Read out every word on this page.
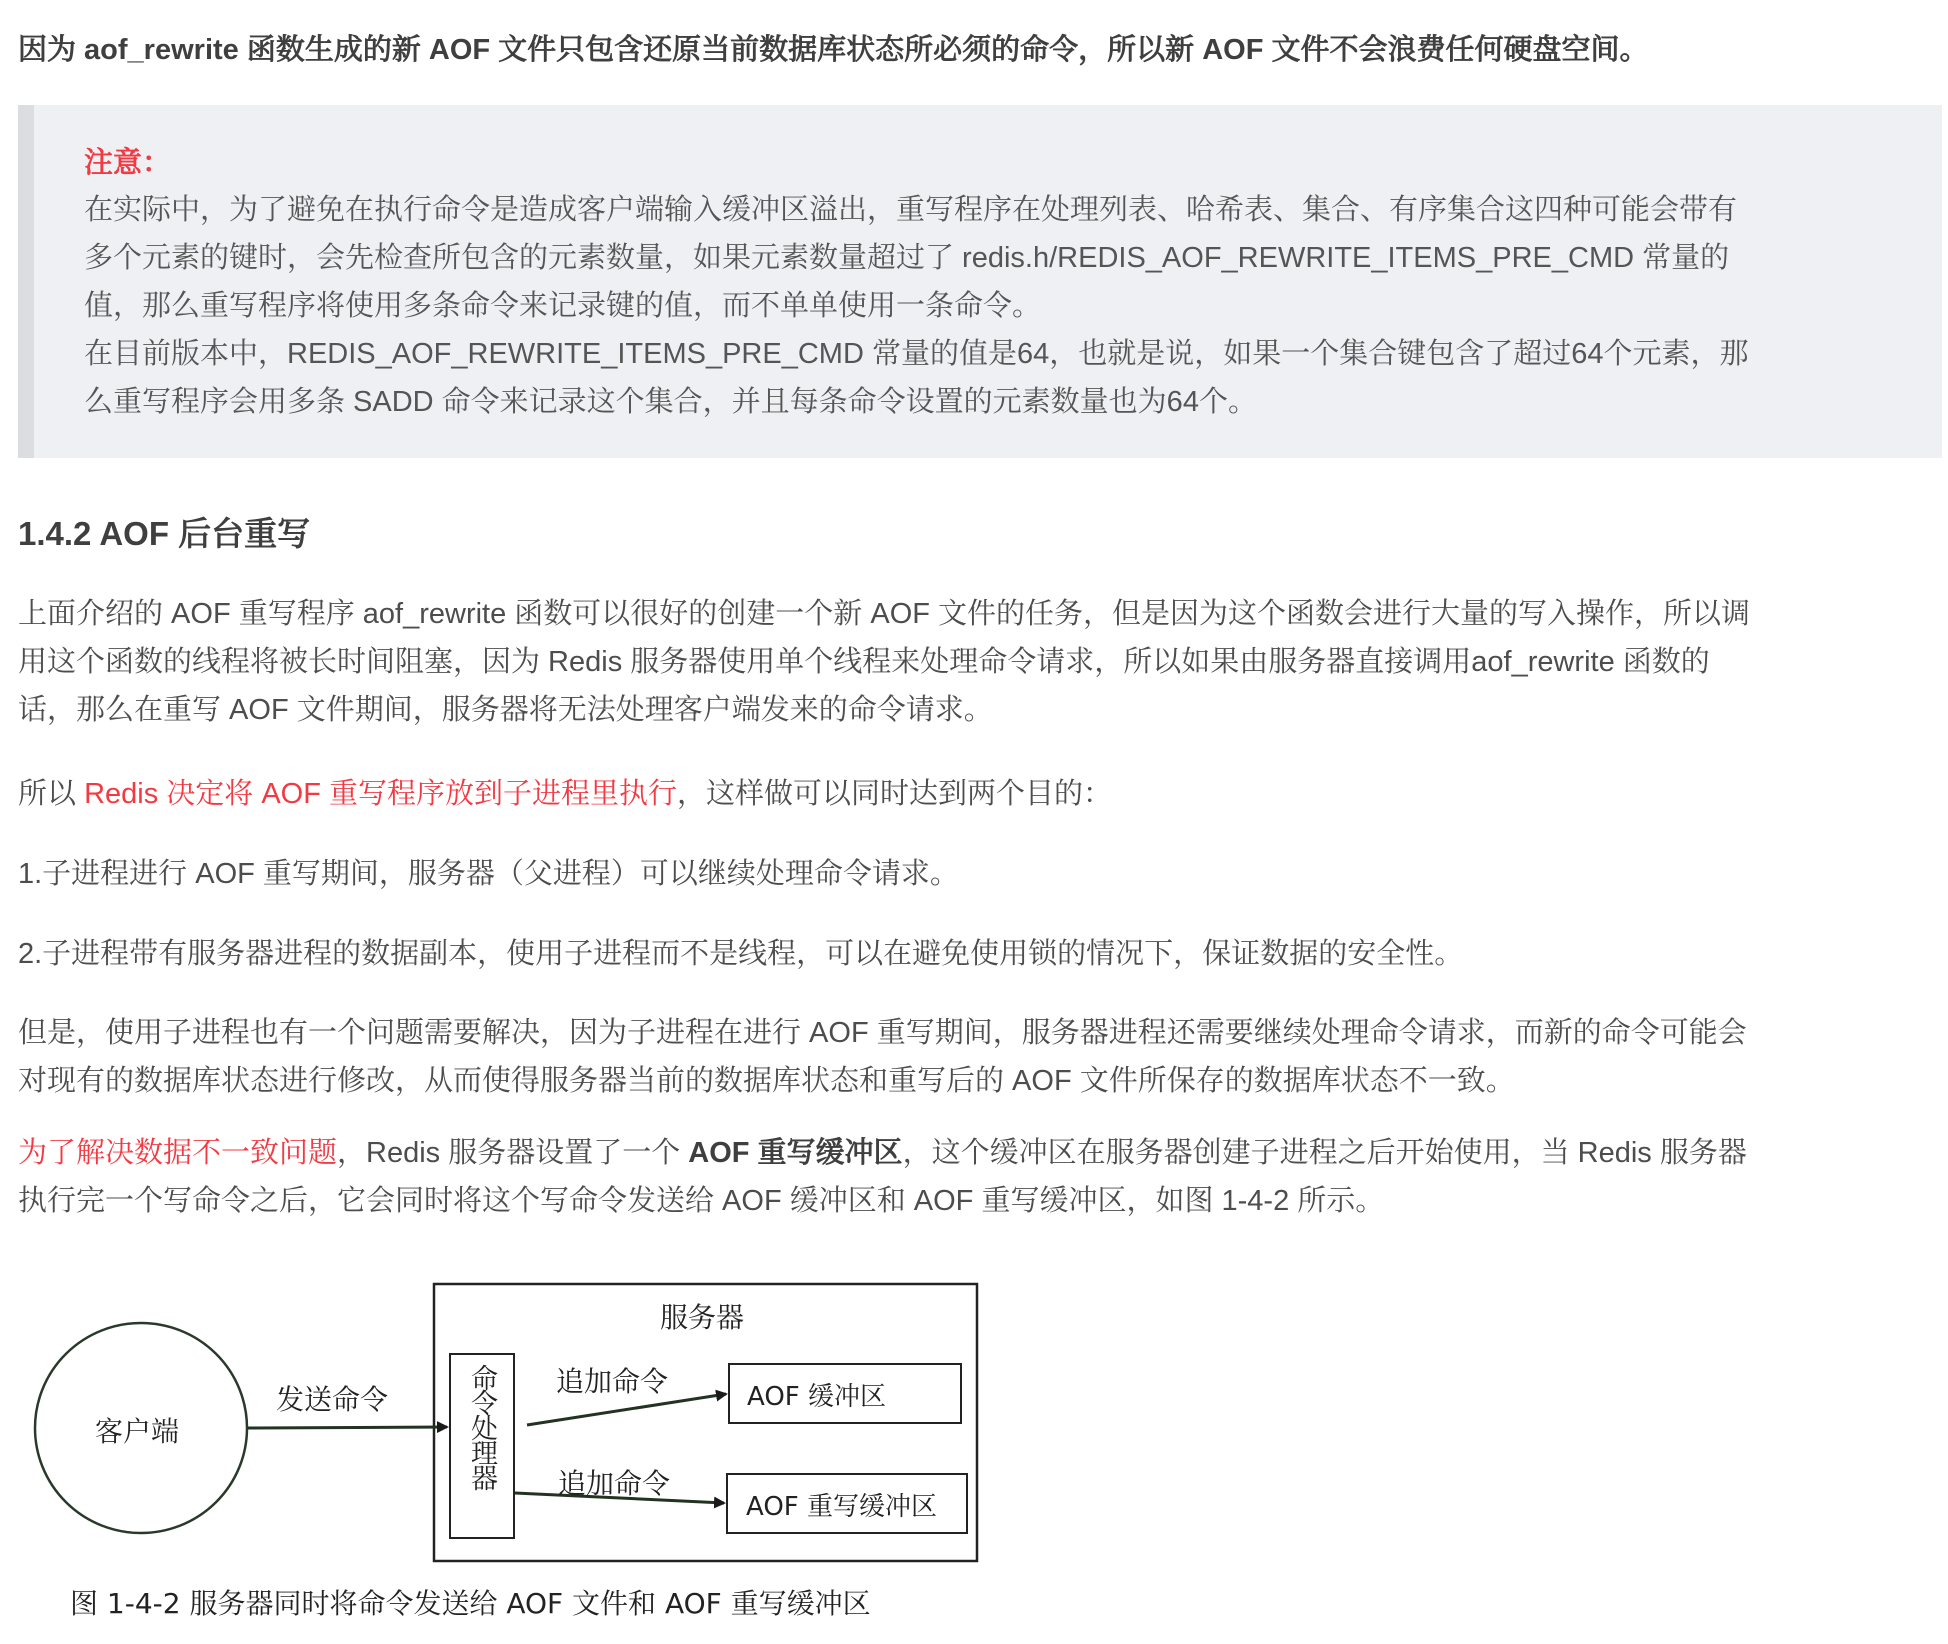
因为 aof_rewrite 函数生成的新 AOF 文件只包含还原当前数据库状态所必须的命令，所以新 AOF 文件不会浪费任何硬盘空间。

注意：
在实际中，为了避免在执行命令是造成客户端输入缓冲区溢出，重写程序在处理列表、哈希表、集合、有序集合这四种可能会带有
多个元素的键时，会先检查所包含的元素数量，如果元素数量超过了 redis.h/REDIS_AOF_REWRITE_ITEMS_PRE_CMD 常量的
值，那么重写程序将使用多条命令来记录键的值，而不单单使用一条命令。
在目前版本中，REDIS_AOF_REWRITE_ITEMS_PRE_CMD 常量的值是64，也就是说，如果一个集合键包含了超过64个元素，那
么重写程序会用多条 SADD 命令来记录这个集合，并且每条命令设置的元素数量也为64个。
1.4.2 AOF 后台重写
上面介绍的 AOF 重写程序 aof_rewrite 函数可以很好的创建一个新 AOF 文件的任务，但是因为这个函数会进行大量的写入操作，所以调
用这个函数的线程将被长时间阻塞，因为 Redis 服务器使用单个线程来处理命令请求，所以如果由服务器直接调用aof_rewrite 函数的
话，那么在重写 AOF 文件期间，服务器将无法处理客户端发来的命令请求。

所以 Redis 决定将 AOF 重写程序放到子进程里执行，这样做可以同时达到两个目的：

1.子进程进行 AOF 重写期间，服务器（父进程）可以继续处理命令请求。

2.子进程带有服务器进程的数据副本，使用子进程而不是线程，可以在避免使用锁的情况下，保证数据的安全性。

但是，使用子进程也有一个问题需要解决，因为子进程在进行 AOF 重写期间，服务器进程还需要继续处理命令请求，而新的命令可能会
对现有的数据库状态进行修改，从而使得服务器当前的数据库状态和重写后的 AOF 文件所保存的数据库状态不一致。
为了解决数据不一致问题，Redis 服务器设置了一个 AOF 重写缓冲区，这个缓冲区在服务器创建子进程之后开始使用，当 Redis 服务器
执行完一个写命令之后，它会同时将这个写命令发送给 AOF 缓冲区和 AOF 重写缓冲区，如图 1-4-2 所示。
客户端
发送命令
服务器
命令处理器 追加命令
追加命令
AOF 缓冲区
AOF 重写缓冲区
图 1-4-2 服务器同时将命令发送给 AOF 文件和 AOF 重写缓冲区
